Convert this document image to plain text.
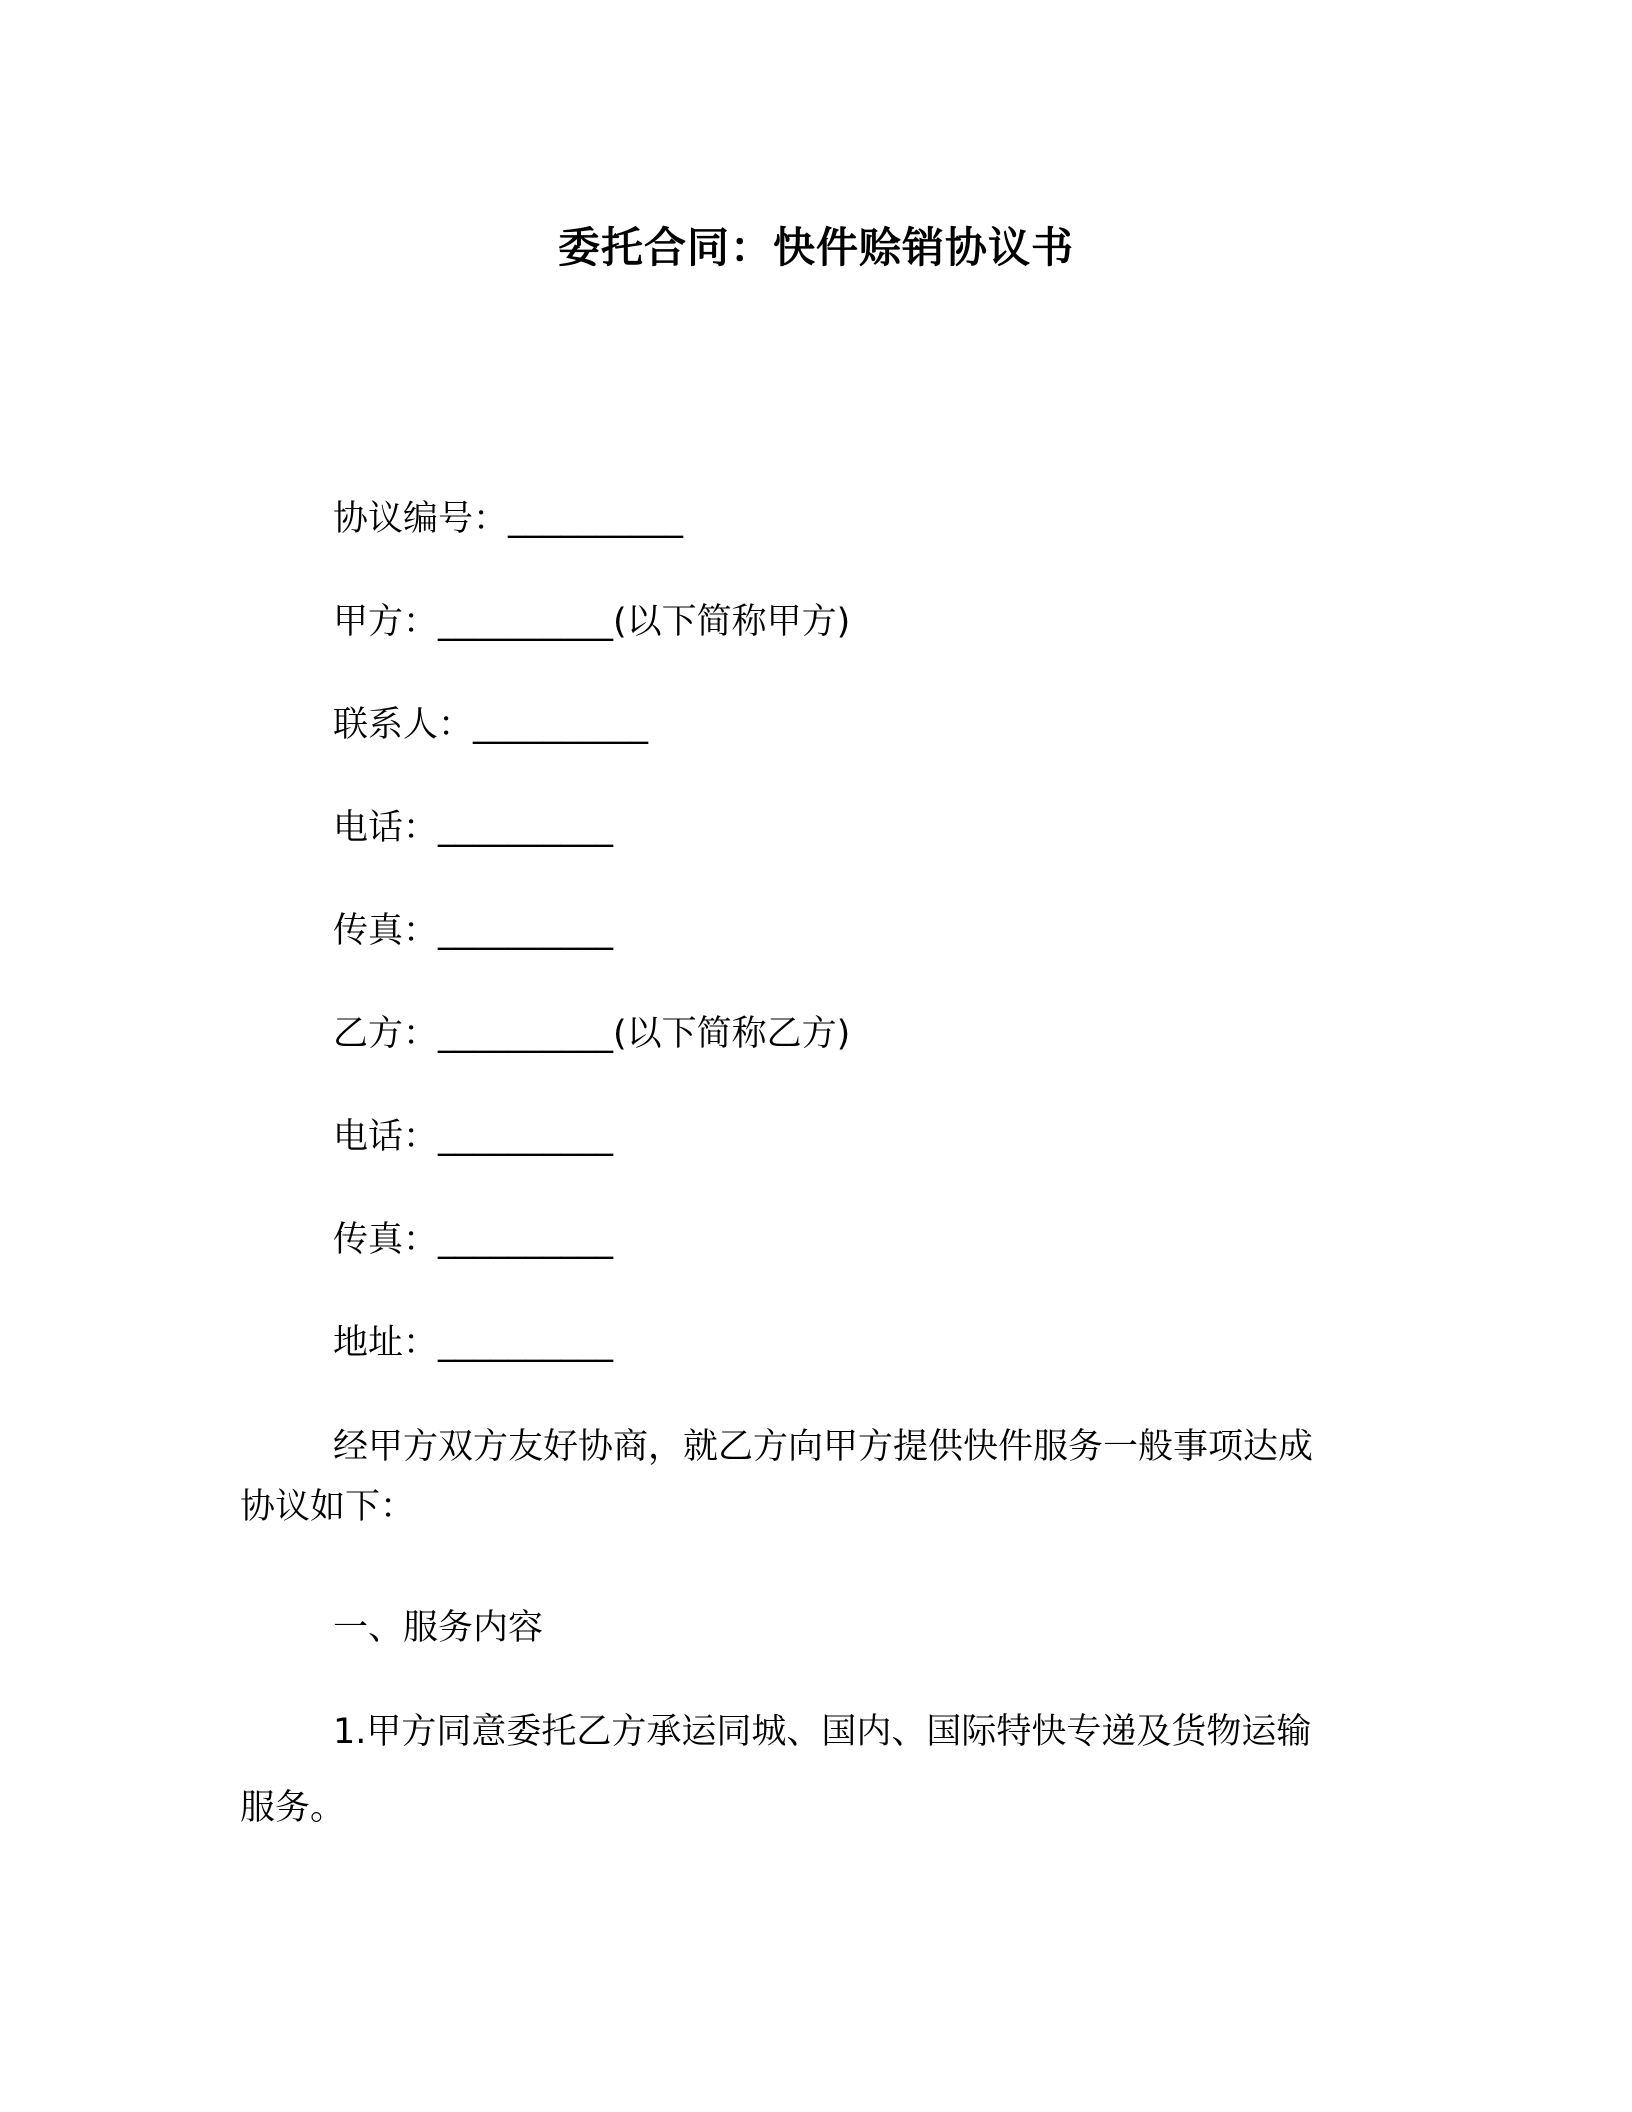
委托合同：快件赊销协议书
协议编号：__________
甲方：__________(以下简称甲方)
联系人：__________
电话：__________
传真：__________
乙方：__________(以下简称乙方)
电话：__________
传真：__________
地址：__________
经甲方双方友好协商，就乙方向甲方提供快件服务一般事项达成
协议如下：
一、服务内容
1.甲方同意委托乙方承运同城、国内、国际特快专递及货物运输
服务。
